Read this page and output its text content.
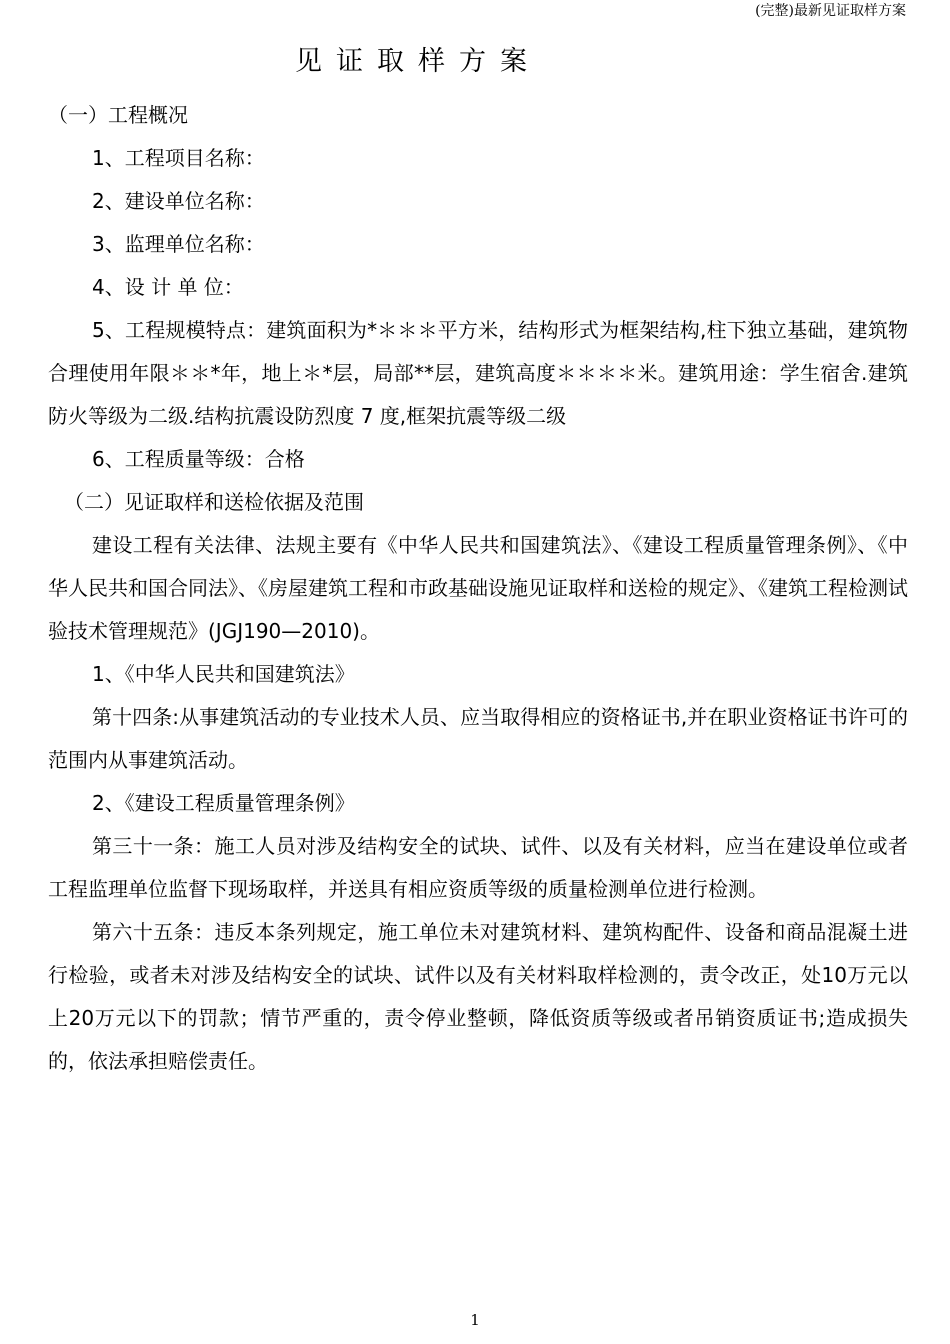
(完整)最新见证取样方案
见证取样方案

（一）工程概况

1、工程项目名称：

2、建设单位名称：

3、监理单位名称：

4、设 计 单 位：

5、工程规模特点：建筑面积为*＊＊＊平方米，结构形式为框架结构,柱下独立基础，建筑物合理使用年限＊＊*年，地上＊*层，局部**层，建筑高度＊＊＊＊米。建筑用途：学生宿舍.建筑防火等级为二级.结构抗震设防烈度 7 度,框架抗震等级二级

6、工程质量等级：合格

（二）见证取样和送检依据及范围

建设工程有关法律、法规主要有《中华人民共和国建筑法》、《建设工程质量管理条例》、《中华人民共和国合同法》、《房屋建筑工程和市政基础设施见证取样和送检的规定》、《建筑工程检测试验技术管理规范》(JGJ190—2010)。

1、《中华人民共和国建筑法》

第十四条:从事建筑活动的专业技术人员、应当取得相应的资格证书,并在职业资格证书许可的范围内从事建筑活动。

2、《建设工程质量管理条例》

第三十一条：施工人员对涉及结构安全的试块、试件、以及有关材料，应当在建设单位或者工程监理单位监督下现场取样，并送具有相应资质等级的质量检测单位进行检测。

第六十五条：违反本条列规定，施工单位未对建筑材料、建筑构配件、设备和商品混凝土进行检验，或者未对涉及结构安全的试块、试件以及有关材料取样检测的，责令改正，处10万元以上20万元以下的罚款；情节严重的，责令停业整顿，降低资质等级或者吊销资质证书;造成损失的，依法承担赔偿责任。

1
